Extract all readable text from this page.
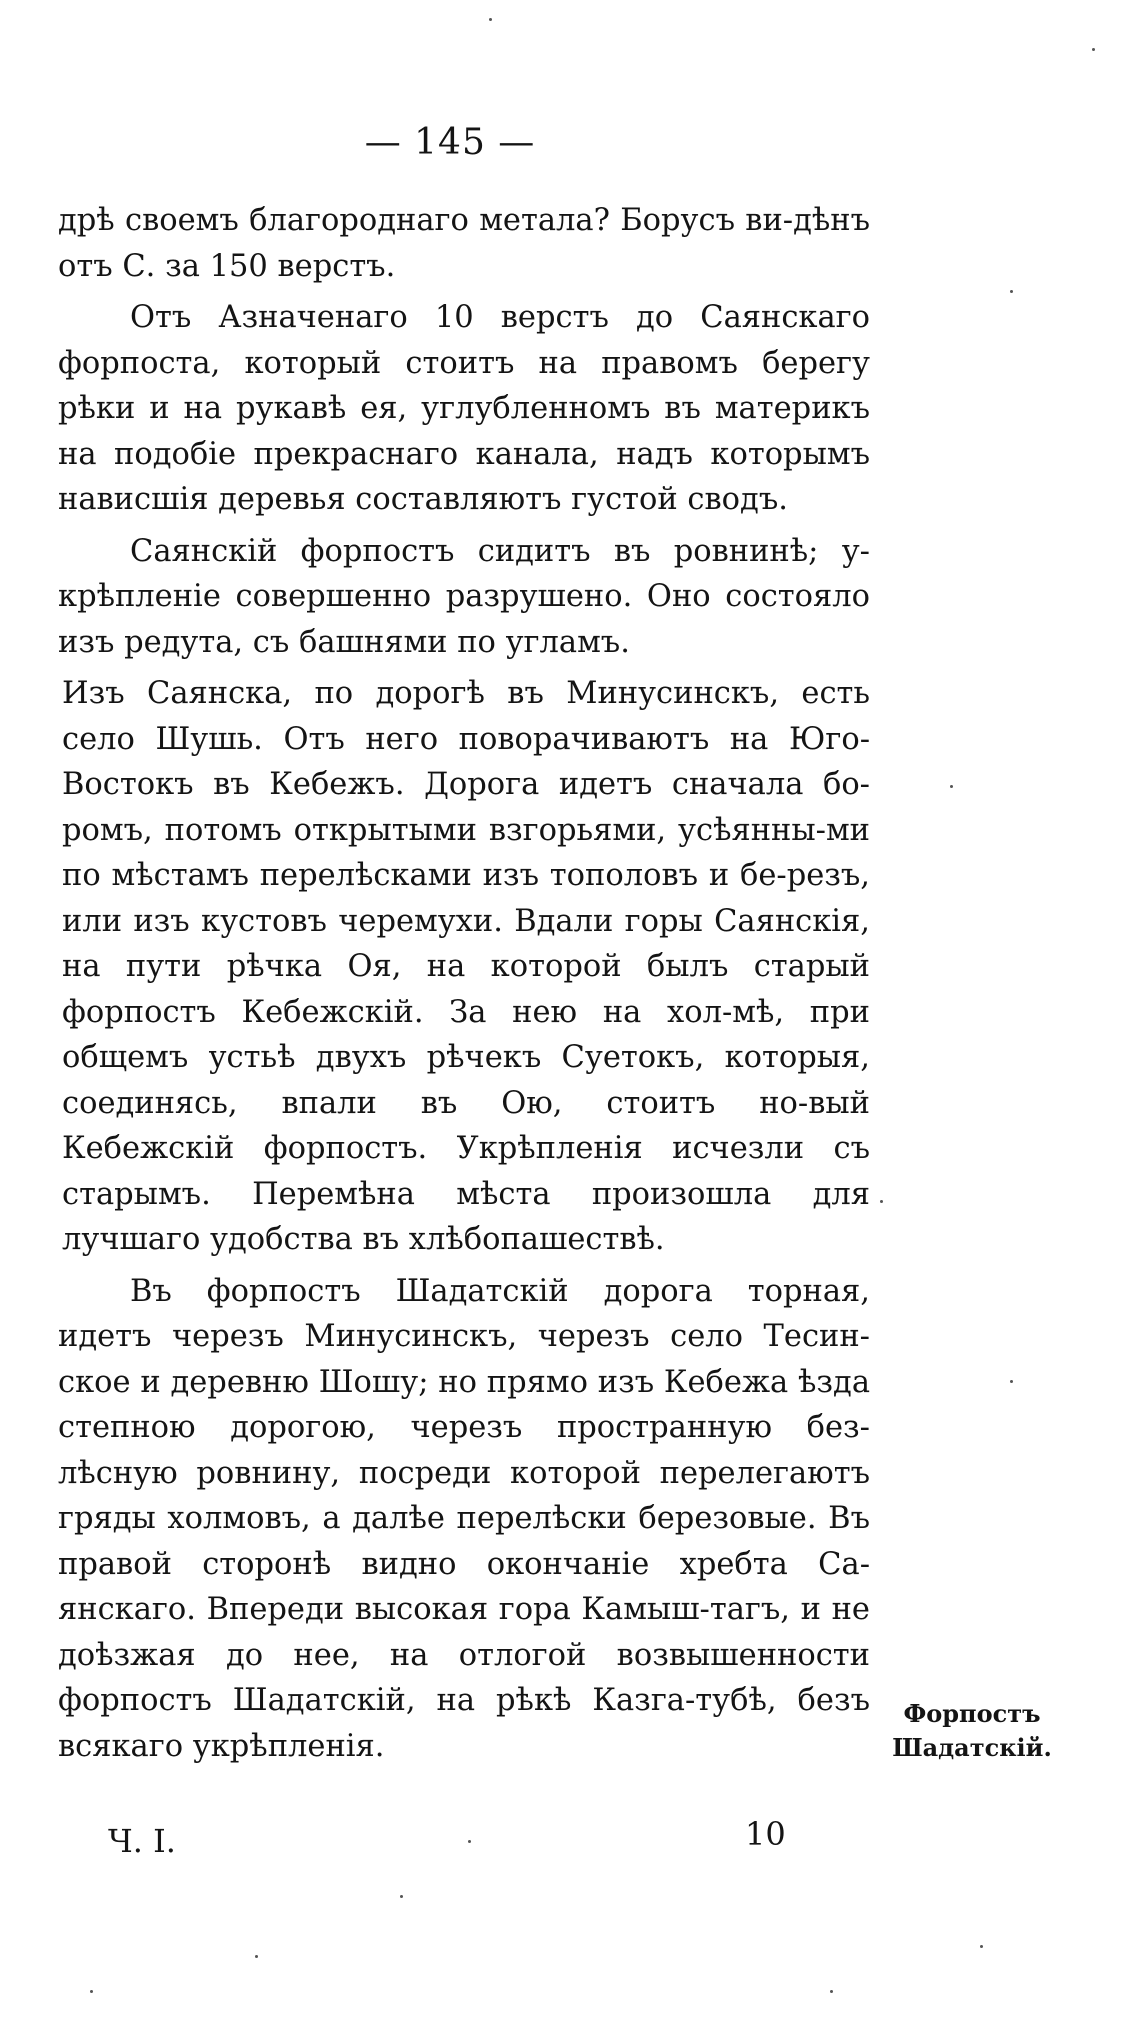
— 145 —

дрѣ своемъ благороднаго метала? Борусъ ви-дѣнъ отъ С. за 150 верстъ.

Отъ Азначенаго 10 верстъ до Саянскаго форпоста, который стоитъ на правомъ берегу рѣки и на рукавѣ ея, углубленномъ въ материкъ на подобіе прекраснаго канала, надъ которымъ нависшія деревья составляютъ густой сводъ.

Саянскій форпостъ сидитъ въ ровнинѣ; у-крѣпленіе совершенно разрушено. Оно состояло изъ редута, съ башнями по угламъ.

Изъ Саянска, по дорогѣ въ Минусинскъ, есть село Шушь. Отъ него поворачиваютъ на Юго-Востокъ въ Кебежъ. Дорога идетъ сначала бо-ромъ, потомъ открытыми взгорьями, усѣянны-ми по мѣстамъ перелѣсками изъ тополовъ и бе-резъ, или изъ кустовъ черемухи. Вдали горы Саянскія, на пути рѣчка Оя, на которой былъ старый форпостъ Кебежскій. За нею на хол-мѣ, при общемъ устьѣ двухъ рѣчекъ Суетокъ, которыя, соединясь, впали въ Ою, стоитъ но-вый Кебежскій форпостъ. Укрѣпленія исчезли съ старымъ. Перемѣна мѣста произошла для лучшаго удобства въ хлѣбопашествѣ.

Въ форпостъ Шадатскій дорога торная, идетъ черезъ Минусинскъ, черезъ село Тесин-ское и деревню Шошу; но прямо изъ Кебежа ѣзда степною дорогою, черезъ пространную без-лѣсную ровнину, посреди которой перелегаютъ гряды холмовъ, а далѣе перелѣски березовые. Въ правой сторонѣ видно окончаніе хребта Са-янскаго. Впереди высокая гора Камыш-тагъ, и не доѣзжая до нее, на отлогой возвышенности форпостъ Шадатскій, на рѣкѣ Казга-тубѣ, безъ всякаго укрѣпленія.

Форпостъ
Шадатскій.
Ч. I.	10
